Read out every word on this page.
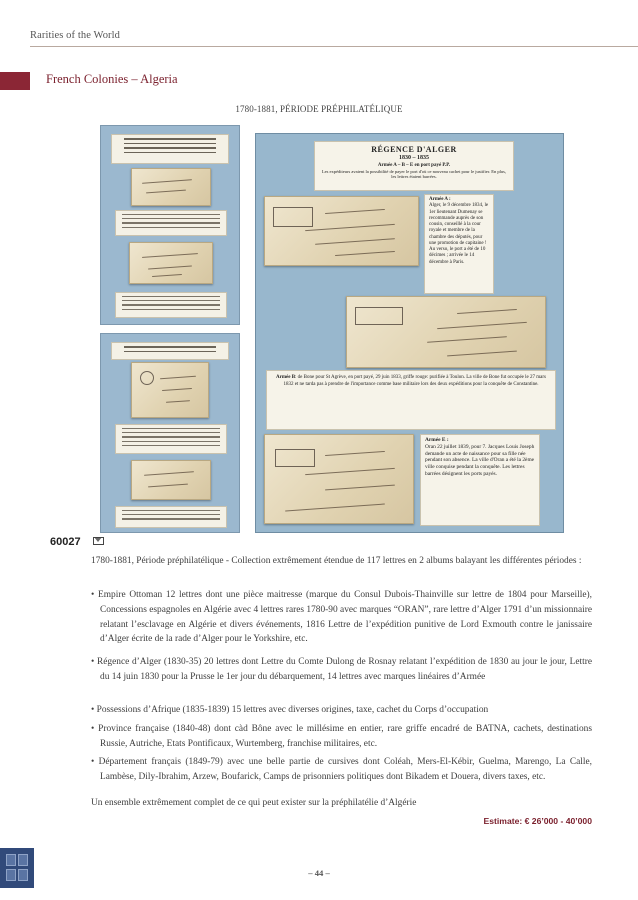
Rarities of the World
French Colonies – Algeria
1780-1881, PÉRIODE PRÉPHILATÉLIQUE
RÉGENCE D'ALGER
1830 – 1835
Armée A – B – E en port payé P.P.
Les expéditeurs avaient la possibilité de payer le port d'où ce nouveau cachet pour le justifier. En plus, les lettres étaient barrées.
Armée A :
Alger, le 9 décembre 1834, le 1er lieutenant Dumenay se recommande auprès de son cousin, conseillé à la cour royale et membre de la chambre des députés, pour une promotion de capitaine ! Au verso, le port a été de 10 décimes ; arrivée le 14 décembre à Paris.
Armée B: de Bone pour St Agrève, en port payé, 29 juin 1833, griffe rouge: purifiée à Toulon. La ville de Bone fut occupée le 27 mars 1832 et ne tarda pas à prendre de l'importance comme base militaire lors des deux expéditions pour la conquête de Constantine.
Armée E :
Oran 22 juillet 1839, pour 7. Jacques Louis Joseph demande un acte de naissance pour sa fille née pendant son absence. La ville d'Oran a été la 2ème ville conquise pendant la conquête. Les lettres barrées désignent les ports payés.
60027
1780-1881, Période préphilatélique - Collection extrêmement étendue de 117 lettres en 2 albums balayant les différentes périodes :
• Empire Ottoman 12 lettres dont une pièce maitresse (marque du Consul Dubois-Thainville sur lettre de 1804 pour Marseille), Concessions espagnoles en Algérie avec 4 lettres rares 1780-90 avec marques “ORAN”, rare lettre d’Alger 1791 d’un missionnaire relatant l’esclavage en Algérie et divers événements, 1816 Lettre de l’expédition punitive de Lord Exmouth contre le janissaire d’Alger écrite de la rade d’Alger pour le Yorkshire, etc.
• Régence d’Alger (1830-35) 20 lettres dont Lettre du Comte Dulong de Rosnay relatant l’expédition de 1830 au jour le jour, Lettre du 14 juin 1830 pour la Prusse le 1er jour du débarquement, 14 lettres avec marques linéaires d’Armée
• Possessions d’Afrique (1835-1839) 15 lettres avec diverses origines, taxe, cachet du Corps d’occupation
• Province française (1840-48) dont càd Bône avec le millésime en entier, rare griffe encadré de BATNA, cachets, destinations Russie, Autriche, Etats Pontificaux, Wurtemberg, franchise militaires, etc.
• Département français (1849-79) avec une belle partie de cursives dont Coléah, Mers-El-Kébir, Guelma, Marengo, La Calle, Lambèse, Dily-Ibrahim, Arzew, Boufarick, Camps de prisonniers politiques dont Bikadem et Douera, divers taxes, etc.
Un ensemble extrêmement complet de ce qui peut exister sur la préphilatélie d’Algérie
Estimate: € 26’000 - 40’000
– 44 –
